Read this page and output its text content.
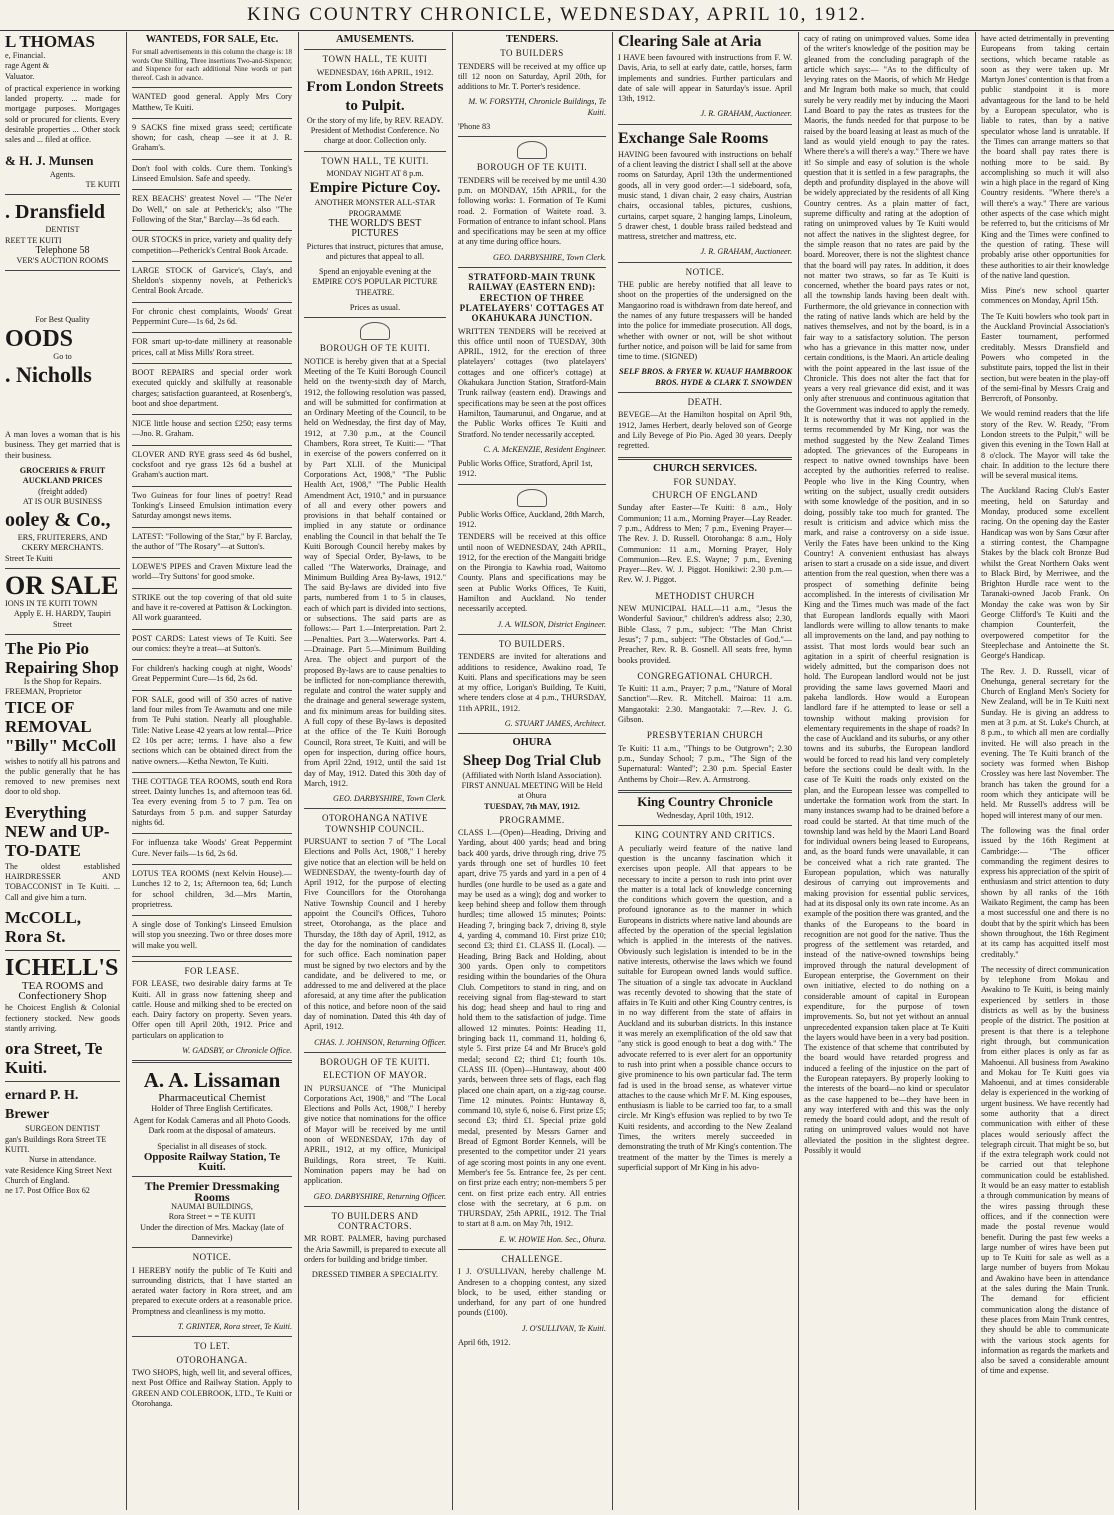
KING COUNTRY CHRONICLE, WEDNESDAY, APRIL 10, 1912.
L THOMAS
e, Financial.
rage Agent &
Valuator.

of practical experience in working landed property. ... made for mortgage purposes. Mortgages sold or procured for clients. Every desirable properties ... Other stock sales and ... filed at office.

& H. J. Munsen
Agents.
TE KUITI
. Dransfield
DENTIST
REET TE KUITI
Telephone 58
VER'S AUCTION ROOMS
For Best Quality
OODS
Go to
. Nicholls

A man loves a woman that is his business. They get married that is their business.

GROCERIES & FRUIT AUCKLAND PRICES
(freight added)
AT IS OUR BUSINESS
ooley & Co.,
ERS, FRUITERERS, AND CKERY MERCHANTS.
Street Te Kuiti
OR SALE
IONS IN TE KUITI TOWN
Apply E. H. HARDY, Taupiri Street
The Pio Pio
Repairing Shop
Is the Shop for Repairs.
FREEMAN, Proprietor
TICE OF REMOVAL
"Billy" McColl

wishes to notify all his patrons and the public generally that he has removed to new premises next door to old shop.

Everything NEW and UP-TO-DATE

The oldest established HAIRDRESSER AND TOBACCONIST in Te Kuiti. ... Call and give him a turn.

McCOLL, Rora St.
ICHELL'S
TEA ROOMS and Confectionery Shop

he Choicest English & Colonial fectionery stocked. New goods stantly arriving.

ora Street, Te Kuiti.
ernard P. H. Brewer
SURGEON DENTIST
gan's Buildings Rora Street TE KUITI.
Nurse in attendance.
vate Residence King Street Next Church of England.
ne 17. Post Office Box 62
WANTEDS, FOR SALE, Etc.

For small advertisements in this column the charge is: 18 words One Shilling, Three insertions Two-and-Sixpence; and Sixpence for each additional Nine words or part thereof. Cash in advance.

WANTED good general. Apply Mrs Cory Matthew, Te Kuiti.

9 SACKS fine mixed grass seed; certificate shown; for cash, cheap —see it at J. R. Graham's.

Don't fool with colds. Cure them. Tonking's Linseed Emulsion. Safe and speedy.

REX BEACHS' greatest Novel — "The Ne'er Do Well," on sale at Petherick's; also "The Following of the Star," Barclay—3s 6d each.

OUR STOCKS in price, variety and quality defy competition—Petherick's Central Book Arcade.

LARGE STOCK of Garvice's, Clay's, and Sheldon's sixpenny novels, at Petherick's Central Book Arcade.

For chronic chest complaints, Woods' Great Peppermint Cure—1s 6d, 2s 6d.

FOR smart up-to-date millinery at reasonable prices, call at Miss Mills' Rora street.

BOOT REPAIRS and special order work executed quickly and skilfully at reasonable charges; satisfaction guaranteed, at Rosenberg's, boot and shoe department.

NICE little house and section £250; easy terms—Jno. R. Graham.

CLOVER AND RYE grass seed 4s 6d bushel, cocksfoot and rye grass 12s 6d a bushel at Graham's auction mart.

Two Guineas for four lines of poetry! Read Tonking's Linseed Emulsion intimation every Saturday amongst news items.

LATEST: "Following of the Star," by F. Barclay, the author of "The Rosary"—at Sutton's.

LOEWE'S PIPES and Craven Mixture lead the world—Try Suttons' for good smoke.

STRIKE out the top covering of that old suite and have it re-covered at Pattison & Lockington. All work guaranteed.

POST CARDS: Latest views of Te Kuiti. See our comics: they're a treat—at Sutton's.

For children's hacking cough at night, Woods' Great Peppermint Cure—1s 6d, 2s 6d.

FOR SALE, good will of 350 acres of native land four miles from Te Awamutu and one mile from Te Puhi station. Nearly all ploughable. Title: Native Lease 42 years at low rental—Price £2 10s per acre; terms. I have also a few sections which can be obtained direct from the native owners.—Ketha Newton, Te Kuiti.

THE COTTAGE TEA ROOMS, south end Rora street. Dainty lunches 1s, and afternoon teas 6d. Tea every evening from 5 to 7 p.m. Tea on Saturdays from 5 p.m. and supper Saturday nights 6d.

For influenza take Woods' Great Peppermint Cure. Never fails—1s 6d, 2s 6d.

LOTUS TEA ROOMS (next Kelvin House).—Lunches 12 to 2, 1s; Afternoon tea, 6d; Lunch for school children, 3d.—Mrs Martin, proprietress.

A single dose of Tonking's Linseed Emulsion will stop you sneezing. Two or three doses more will make you well.

FOR LEASE.

FOR LEASE, two desirable dairy farms at Te Kuiti. All in grass now fattening sheep and cattle. House and milking shed to be erected on each. Dairy factory on property. Seven years. Offer open till April 20th, 1912. Price and particulars on application to

W. GADSBY, or Chronicle Office.
A. A. Lissaman
Pharmaceutical Chemist
Holder of Three English Certificates.

Agent for Kodak Cameras and all Photo Goods. Dark room at the disposal of amateurs.

Specialist in all diseases of stock.
Opposite Railway Station, Te Kuiti.
The Premier Dressmaking Rooms
NAUMAI BUILDINGS,
Rora Street = = TE KUITI
Under the direction of Mrs. Mackay (late of Dannevirke)
NOTICE.

I HEREBY notify the public of Te Kuiti and surrounding districts, that I have started an aerated water factory in Rora street, and am prepared to execute orders at a reasonable price. Promptness and cleanliness is my motto.

T. GRINTER, Rora street, Te Kuiti.
TO LET.
OTOROHANGA.

TWO SHOPS, high, well lit, and several offices, next Post Office and Railway Station. Apply to GREEN AND COLEBROOK, LTD., Te Kuiti or Otorohanga.

AMUSEMENTS.
TOWN HALL, TE KUITI
WEDNESDAY, 16th APRIL, 1912.
From London Streets to Pulpit.
Or the story of my life, by REV. READY.
President of Methodist Conference. No charge at door. Collection only.
TOWN HALL, TE KUITI.
MONDAY NIGHT AT 8 p.m.
Empire Picture Coy.
ANOTHER MONSTER ALL-STAR PROGRAMME
THE WORLD'S BEST PICTURES

Pictures that instruct, pictures that amuse, and pictures that appeal to all.

Spend an enjoyable evening at the EMPIRE CO'S POPULAR PICTURE THEATRE.

Prices as usual.
BOROUGH OF TE KUITI.

NOTICE is hereby given that at a Special Meeting of the Te Kuiti Borough Council held on the twenty-sixth day of March, 1912, the following resolution was passed, and will be submitted for confirmation at an Ordinary Meeting of the Council, to be held on Wednesday, the first day of May, 1912, at 7.30 p.m., at the Council Chambers, Rora street, Te Kuiti:— "That in exercise of the powers conferred on it by Part XLII. of the Municipal Corporations Act, 1908," "The Public Health Act, 1908," "The Public Health Amendment Act, 1910," and in pursuance of all and every other powers and provisions in that behalf contained or implied in any statute or ordinance enabling the Council in that behalf the Te Kuiti Borough Council hereby makes by way of Special Order, By-laws, to be called "The Waterworks, Drainage, and Minimum Building Area By-laws, 1912." The said By-laws are divided into five parts, numbered from 1 to 5 in clauses, each of which part is divided into sections, or subsections. The said parts are as follows:— Part 1.—Interpretation. Part 2.—Penalties. Part 3.—Waterworks. Part 4.—Drainage. Part 5.—Minimum Building Area. The object and purport of the proposed By-laws are to cause penalties to be inflicted for non-compliance therewith, regulate and control the water supply and the drainage and general sewerage system, and fix minimum areas for building sites. A full copy of these By-laws is deposited at the office of the Te Kuiti Borough Council, Rora street, Te Kuiti, and will be open for inspection, during office hours, from April 22nd, 1912, until the said 1st day of May, 1912. Dated this 30th day of March, 1912.

GEO. DARBYSHIRE, Town Clerk.
OTOROHANGA NATIVE TOWNSHIP COUNCIL.

PURSUANT to section 7 of "The Local Elections and Polls Act, 1908," I hereby give notice that an election will be held on WEDNESDAY, the twenty-fourth day of April 1912, for the purpose of electing Five Councillors for the Otorohanga Native Township Council and I hereby appoint the Council's Offices, Tuhoro street, Otorohanga, as the place and Thursday, the 18th day of April, 1912, as the day for the nomination of candidates for such office. Each nomination paper must be signed by two electors and by the candidate, and be delivered to me, or addressed to me and delivered at the place aforesaid, at any time after the publication of this notice, and before noon of the said day of nomination. Dated this 4th day of April, 1912.

CHAS. J. JOHNSON, Returning Officer.
BOROUGH OF TE KUITI.
ELECTION OF MAYOR.

IN PURSUANCE of "The Municipal Corporations Act, 1908," and "The Local Elections and Polls Act, 1908," I hereby give notice that nominations for the office of Mayor will be received by me until noon of WEDNESDAY, 17th day of APRIL, 1912, at my office, Municipal Buildings, Rora street, Te Kuiti. Nomination papers may be had on application.

GEO. DARBYSHIRE, Returning Officer.
TO BUILDERS AND CONTRACTORS.

MR ROBT. PALMER, having purchased the Aria Sawmill, is prepared to execute all orders for building and bridge timber.

DRESSED TIMBER A SPECIALITY.
TENDERS.
TO BUILDERS

TENDERS will be received at my office up till 12 noon on Saturday, April 20th, for additions to Mr. T. Porter's residence.

M. W. FORSYTH, Chronicle Buildings, Te Kuiti.
'Phone 83
BOROUGH OF TE KUITI.

TENDERS will be received by me until 4.30 p.m. on MONDAY, 15th APRIL, for the following works: 1. Formation of Te Kumi road. 2. Formation of Waitete road. 3. Formation of entrance to infant school. Plans and specifications may be seen at my office at any time during office hours.

GEO. DARBYSHIRE, Town Clerk.
STRATFORD-MAIN TRUNK RAILWAY (EASTERN END): ERECTION OF THREE PLATELAYERS' COTTAGES AT OKAHUKARA JUNCTION.

WRITTEN TENDERS will be received at this office until noon of TUESDAY, 30th APRIL, 1912, for the erection of three platelayers' cottages (two platelayers' cottages and one officer's cottage) at Okahukara Junction Station, Stratford-Main Trunk railway (eastern end). Drawings and specifications may be seen at the post offices Hamilton, Taumarunui, and Ongarue, and at the Public Works offices Te Kuiti and Stratford. No tender necessarily accepted.

C. A. McKENZIE, Resident Engineer.
Public Works Office, Stratford, April 1st, 1912.
Public Works Office, Auckland, 28th March, 1912.

TENDERS will be received at this office until noon of WEDNESDAY, 24th APRIL, 1912, for the erection of the Mangaiti bridge on the Pirongia to Kawhia road, Waitomo County. Plans and specifications may be seen at Public Works Offices, Te Kuiti, Hamilton and Auckland. No tender necessarily accepted.

J. A. WILSON, District Engineer.
TO BUILDERS.

TENDERS are invited for alterations and additions to residence, Awakino road, Te Kuiti. Plans and specifications may be seen at my office, Lorigan's Building, Te Kuiti, where tenders close at 4 p.m., THURSDAY, 11th APRIL, 1912.

G. STUART JAMES, Architect.
OHURA
Sheep Dog Trial Club
(Affiliated with North Island Association).
FIRST ANNUAL MEETING Will be Held at Ohura
TUESDAY, 7th MAY, 1912.
PROGRAMME.

CLASS I.—(Open)—Heading, Driving and Yarding, about 400 yards; head and bring back 400 yards, drive through ring, drive 75 yards through one set of hurdles 10 feet apart, drive 75 yards and yard in a pen of 4 hurdles (one hurdle to be used as a gate and may be used as a wing); dog and worker to keep behind sheep and follow them through hurdles; time allowed 15 minutes; Points: Heading 7, bringing back 7, driving 8, style 4, yarding 4, command 10. First prize £10; second £3; third £1. CLASS II. (Local). — Heading, Bring Back and Holding, about 300 yards. Open only to competitors residing within the boundaries of the Ohura Club. Competitors to stand in ring, and on receiving signal from flag-steward to start his dog; head sheep and haul to ring and hold them to the satisfaction of judge. Time allowed 12 minutes. Points: Heading 11, bringing back 11, command 11, holding 6, style 5. First prize £4 and Mr Bruce's gold medal; second £2; third £1; fourth 10s. CLASS III. (Open)—Huntaway, about 400 yards, between three sets of flags, each flag placed one chain apart, on a zig-zag course. Time 12 minutes. Points: Huntaway 8, command 10, style 6, noise 6. First prize £5; second £3; third £1. Special prize gold medal, presented by Messrs Garner and Bread of Egmont Border Kennels, will be presented to the competitor under 21 years of age scoring most points in any one event. Member's fee 5s. Entrance fee, 2s per cent. on first prize each entry; non-members 5 per cent. on first prize each entry. All entries close with the secretary, at 6 p.m. on THURSDAY, 25th APRIL, 1912. The Trial to start at 8 a.m. on May 7th, 1912.

E. W. HOWIE Hon. Sec., Ohura.
CHALLENGE.

I J. O'SULLIVAN, hereby challenge M. Andresen to a chopping contest, any sized block, to be used, either standing or underhand, for any part of one hundred pounds (£100).

J. O'SULLIVAN, Te Kuiti.
April 6th, 1912.
Clearing Sale at Aria

I HAVE been favoured with instructions from F. W. Davis, Aria, to sell at early date, cattle, horses, farm implements and sundries. Further particulars and date of sale will appear in Saturday's issue. April 13th, 1912.

J. R. GRAHAM, Auctioneer.
Exchange Sale Rooms

HAVING been favoured with instructions on behalf of a client leaving the district I shall sell at the above rooms on Saturday, April 13th the undermentioned goods, all in very good order:—1 sideboard, sofa, music stand, 1 divan chair, 2 easy chairs, Austrian chairs, occasional tables, pictures, cushions, curtains, carpet square, 2 hanging lamps, Linoleum, 5 drawer chest, 1 double brass railed bedstead and mattress, stretcher and mattress, etc.

J. R. GRAHAM, Auctioneer.
NOTICE.

THE public are hereby notified that all leave to shoot on the properties of the undersigned on the Mangaorino road is withdrawn from date hereof, and the names of any future trespassers will be handed into the police for immediate prosecution. All dogs, whether with owner or not, will be shot without further notice, and poison will be laid for same from time to time. (SIGNED)

SELF BROS. & FRYER W. KUAUF HAMBROOK BROS. HYDE & CLARK T. SNOWDEN
DEATH.

BEVEGE—At the Hamilton hospital on April 9th, 1912, James Herbert, dearly beloved son of George and Lily Bevege of Pio Pio. Aged 30 years. Deeply regretted.

CHURCH SERVICES.
FOR SUNDAY.
CHURCH OF ENGLAND

Sunday after Easter—Te Kuiti: 8 a.m., Holy Communion; 11 a.m., Morning Prayer—Lay Reader. 7 p.m., Address to Men; 7 p.m., Evening Prayer—The Rev. J. D. Russell. Otorohanga: 8 a.m., Holy Communion: 11 a.m., Morning Prayer, Holy Communion—Rev. E.S. Wayne; 7 p.m., Evening Prayer—Rev. W. J. Piggot. Honikiwi: 2.30 p.m.—Rev. W. J. Piggot.

METHODIST CHURCH

NEW MUNICIPAL HALL—11 a.m., "Jesus the Wonderful Saviour," children's address also; 2.30, Bible Class, 7 p.m., subject: "The Man Christ Jesus"; 7 p.m., subject: "The Obstacles of God."—Preacher, Rev. R. B. Gosnell. All seats free, hymn books provided.

CONGREGATIONAL CHURCH.

Te Kuiti: 11 a.m., Prayer; 7 p.m., "Nature of Moral Sanction"—Rev. R. Mitchell. Mairoa: 11 a.m. Mangaotaki: 2.30. Mangaotaki: 7.—Rev. J. G. Gibson.

PRESBYTERIAN CHURCH

Te Kuiti: 11 a.m., "Things to be Outgrown"; 2.30 p.m., Sunday School; 7 p.m., "The Sign of the Supernatural: Wanted"; 2.30 p.m. Special Easter Anthems by Choir—Rev. A. Armstrong.

King Country Chronicle
Wednesday, April 10th, 1912.
KING COUNTRY AND CRITICS.

A peculiarly weird feature of the native land question is the uncanny fascination which it exercises upon people. All that appears to be necessary to incite a person to rush into print over the matter is a total lack of knowledge concerning the conditions which govern the question, and a profound ignorance as to the manner in which Europeans in districts where native land abounds are affected by the operation of the special legislation which is applied in the interests of the natives. Obviously such legislation is intended to be in the native interests, otherwise the laws which we found suitable for European owned lands would suffice. The situation of a single tax advocate in Auckland was recently devoted to showing that the state of affairs in Te Kuiti and other King Country centres, is in no way different from the state of affairs in Auckland and its suburban districts. In this instance it was merely an exemplification of the old saw that "any stick is good enough to beat a dog with." The advocate referred to is ever alert for an opportunity to rush into print when a possible chance occurs to give prominence to his own particular fad. The term fad is used in the broad sense, as whatever virtue attaches to the cause which Mr F. M. King espouses, enthusiasm is liable to be carried too far, to a small circle. Mr King's effusion was replied to by two Te Kuiti residents, and according to the New Zealand Times, the writers merely succeeded in demonstrating the truth of Mr King's contention. The treatment of the matter by the Times is merely a superficial support of Mr King in his advo-

cacy of rating on unimproved values. Some idea of the writer's knowledge of the position may be gleaned from the concluding paragraph of the article which says:— "As to the difficulty of levying rates on the Maoris, of which Mr Hedge and Mr Ingram both make so much, that could surely be very readily met by inducing the Maori Land Board to pay the rates as trustees for the Maoris, the funds needed for that purpose to be raised by the board leasing at least as much of the land as would yield enough to pay the rates. Where there's a will there's a way." There we have it! So simple and easy of solution is the whole question that it is settled in a few paragraphs, the depth and profundity displayed in the above will be widely appreciated by the residents of all King Country centres. As a plain matter of fact, supreme difficulty and rating at the adoption of rating on unimproved values by Te Kuiti would not affect the natives in the slightest degree, for the simple reason that no rates are paid by the board. Moreover, there is not the slightest chance that the board will pay rates. In addition, it does not matter two straws, so far as Te Kuiti is concerned, whether the board pays rates or not, all the township lands having been dealt with. Furthermore, the old grievance in connection with the rating of native lands which are held by the natives themselves, and not by the board, is in a fair way to a satisfactory solution. The person who has a grievance in this matter now, under certain conditions, is the Maori. An article dealing with the point appeared in the last issue of the Chronicle. This does not alter the fact that for years a very real grievance did exist, and it was only after strenuous and continuous agitation that the Government was induced to apply the remedy. It is noteworthy that it was not applied in the terms recommended by Mr King, nor was the method suggested by the New Zealand Times adopted. The grievances of the Europeans in respect to native owned townships have been accepted by the authorities referred to realise. People who live in the King Country, when writing on the subject, usually credit outsiders with some knowledge of the position, and in so doing, possibly take too much for granted. The result is criticism and advice which miss the mark, and raise a controversy on a side issue. Verily the Fates have been unkind to the King Country! A convenient enthusiast has always arisen to start a crusade on a side issue, and divert attention from the real question, when there was a prospect of something definite being accomplished. In the interests of civilisation Mr King and the Times much was made of the fact that European landlords equally with Maori landlords were willing to allow tenants to make all improvements on the land, and pay nothing to assist. That most lords would bear such an agitation in a spirit of cheerful resignation is widely admitted, but the comparison does not hold. The European landlord would not be just providing the same laws governed Maori and pakeha landlords. How would a European landlord fare if he attempted to lease or sell a township without making provision for elementary requirements in the shape of roads? In the case of Auckland and its suburbs, or any other towns and its suburbs, the European landlord would be forced to read his land very completely before the sections could be dealt with. In the case of Te Kuiti the roads only existed on the plan, and the European lessee was compelled to undertake the formation work from the start. In many instances swamp had to be drained before a road could be started. At that time much of the township land was held by the Maori Land Board for individual owners being leased to Europeans, and, as the board funds were unavailable, it can be conceived what a rich rate granted. The European population, which was naturally desirous of carrying out improvements and making provision for essential public services, had at its disposal only its own rate income. As an example of the position there was granted, and the thanks of the Europeans to the board in recognition are not good for the native. Thus the progress of the settlement was retarded, and instead of the native-owned townships being improved through the natural development of European enterprise, the Government on their own initiative, elected to do nothing on a considerable amount of capital in European expenditure, for the purpose of town improvements. So, but not yet without an annual unprecedented expansion taken place at Te Kuiti the layers would have been in a very bad position. The existence of that scheme that contributed by the board would have retarded progress and induced a feeling of the injustice on the part of the European ratepayers. By properly looking to the interests of the board—no kind or speculator as the case happened to be—they have been in any way interfered with and this was the only remedy the board could adopt, and the result of rating on unimproved values would not have alleviated the position in the slightest degree. Possibly it would

have acted detrimentally in preventing Europeans from taking certain sections, which became ratable as soon as they were taken up. Mr Martyn Jones' contention is that from a public standpoint it is more advantageous for the land to be held by a European speculator, who is liable to rates, than by a native speculator whose land is unratable. If the Times can arrange matters so that the board shall pay rates there is nothing more to be said. By accomplishing so much it will also win a high place in the regard of King Country residents. "Where there's a will there's a way." There are various other aspects of the case which might be referred to, but the criticisms of Mr King and the Times were confined to the question of rating. These will probably arise other opportunities for these authorities to air their knowledge of the native land question.

Miss Pine's new school quarter commences on Monday, April 15th.

The Te Kuiti bowlers who took part in the Auckland Provincial Association's Easter tournament, performed creditably. Messrs Dransfield and Powers who competed in the substitute pairs, topped the list in their section, but were beaten in the play-off of the semi-final by Messrs Craig and Berrcroft, of Ponsonby.

We would remind readers that the life story of the Rev. W. Ready, "From London streets to the Pulpit," will be given this evening in the Town Hall at 8 o'clock. The Mayor will take the chair. In addition to the lecture there will be several musical items.

The Auckland Racing Club's Easter meeting, held on Saturday and Monday, produced some excellent racing. On the opening day the Easter Handicap was won by Sans Cœur after a stirring contest, the Champagne Stakes by the black colt Bronze Bud whilst the Great Northern Oaks went to Black Bird, by Merriwee, and the Brighton Hurdle race went to the Taranaki-owned Jacob Frank. On Monday the cake was won by Sir George Clifford's Te Kuiti and the champion Counterfeit, the overpowered competitor for the Steeplechase and Antoinette the St. George's Handicap.

The Rev. J. D. Russell, vicar of Onehunga, general secretary for the Church of England Men's Society for New Zealand, will be in Te Kuiti next Sunday. He is giving an address to men at 3 p.m. at St. Luke's Church, at 8 p.m., to which all men are cordially invited. He will also preach in the evening. The Te Kuiti branch of the society was formed when Bishop Crossley was here last November. The branch has taken the ground for a room which they anticipate will be held. Mr Russell's address will be hoped will interest many of our men.

The following was the final order issued by the 16th Regiment at Cambridge:— "The officer commanding the regiment desires to express his appreciation of the spirit of enthusiasm and strict attention to duty shown by all ranks of the 16th Waikato Regiment, the camp has been a most successful one and there is no doubt that by the spirit which has been shown throughout, the 16th Regiment at its camp has acquitted itself most creditably."

The necessity of direct communication by telephone from Mokau and Awakino to Te Kuiti, is being mainly experienced by settlers in those districts as well as by the business people of the district. The position at present is that there is a telephone right through, but communication from either places is only as far as Mahoenui. All business from Awakino and Mokau for Te Kuiti goes via Mahoenui, and at times considerable delay is experienced in the working of urgent business. We have recently had some authority that a direct communication with either of these places would seriously affect the telegraph circuit. That might be so, but if the extra telegraph work could not be carried out that telephone communication could be established. It would be an easy matter to establish a through communication by means of the wires passing through these offices, and if the connection were made the postal revenue would benefit. During the past few weeks a large number of wires have been put up to Te Kuiti for sale as well as a large number of buyers from Mokau and Awakino have been in attendance at the sales during the Main Trunk. The demand for efficient communication along the distance of these places from Main Trunk centres, they should be able to communicate with the various stock agents for information as regards the markets and also be saved a considerable amount of time and expense.
